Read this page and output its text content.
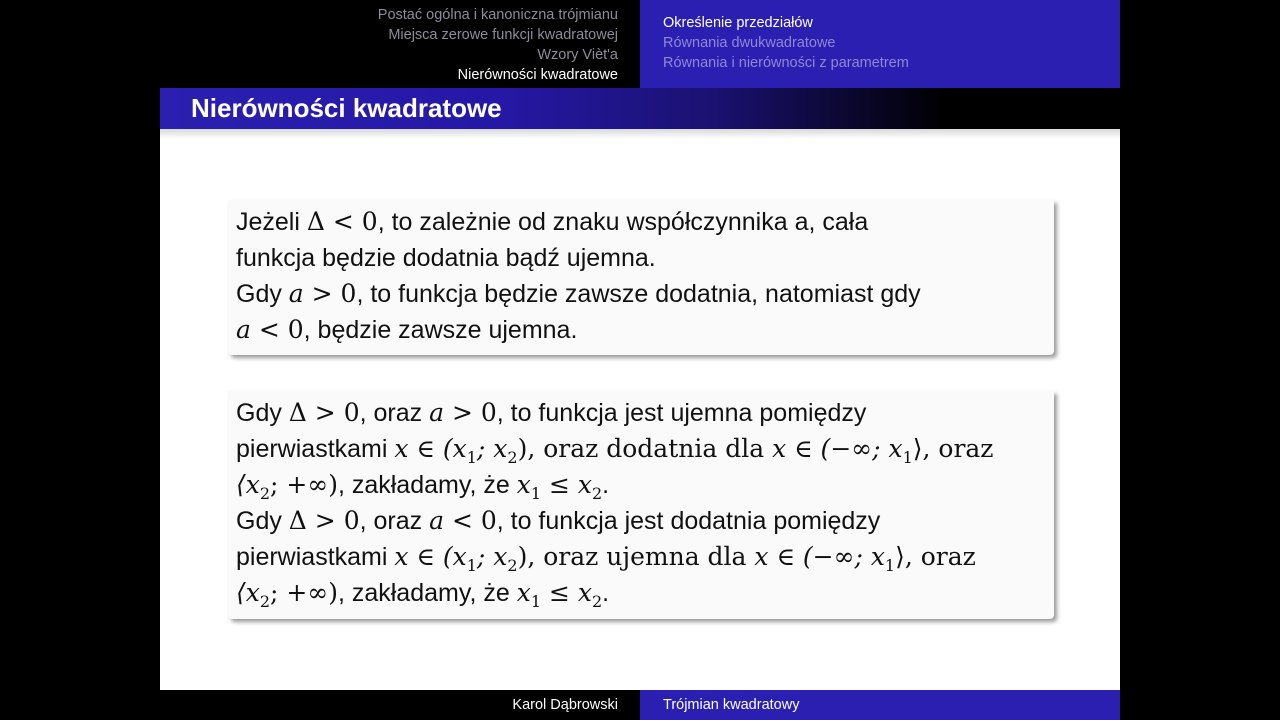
Postać ogólna i kanoniczna trójmianu
Miejsca zerowe funkcji kwadratowej
Wzory Viѐt'a
Nierówności kwadratowe
Określenie przedziałów
Równania dwukwadratowe
Równania i nierówności z parametrem
Nierówności kwadratowe

Jeżeli Δ < 0, to zależnie od znaku współczynnika a, cała

funkcja będzie dodatnia bądź ujemna.

Gdy a > 0, to funkcja będzie zawsze dodatnia, natomiast gdy

a < 0, będzie zawsze ujemna.

Gdy Δ > 0, oraz a > 0, to funkcja jest ujemna pomiędzy

pierwiastkami x ∈ ($x_1$; $x_2$), oraz dodatnia dla x ∈ (−∞; $x_1⟩$, oraz

$⟨x_2$; +∞), zakładamy, że $x_1 \le x_2$.

Gdy Δ > 0, oraz a < 0, to funkcja jest dodatnia pomiędzy

pierwiastkami x ∈ ($x_1$; $x_2$), oraz ujemna dla x ∈ (−∞; $x_1⟩$, oraz

$⟨x_2$; +∞), zakładamy, że $x_1 \le x_2$.

Karol Dąbrowski	Trójmian kwadratowy
